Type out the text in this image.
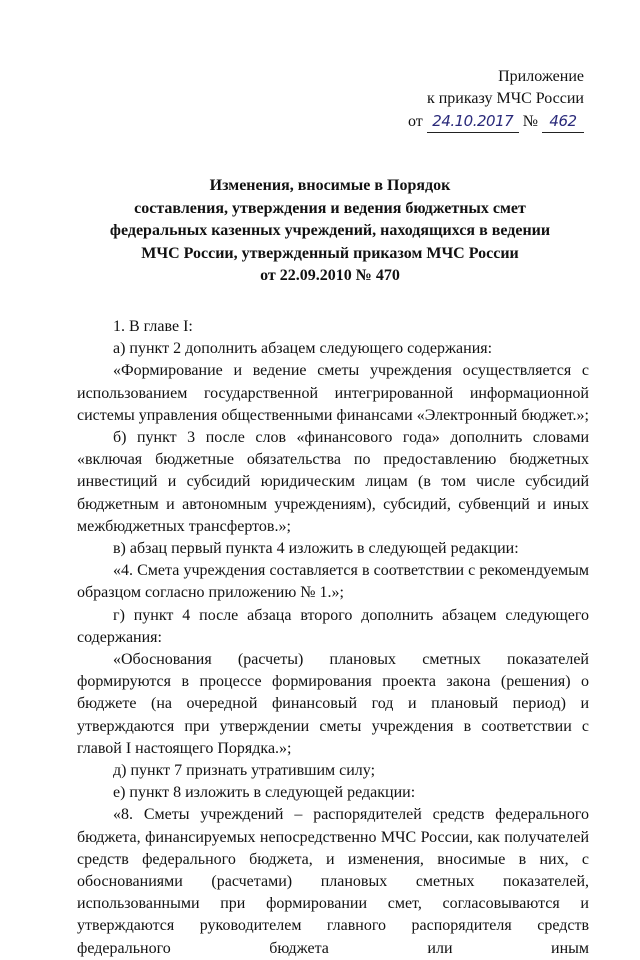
Приложение
к приказу МЧС России
от 24.10.2017 № 462
Изменения, вносимые в Порядок
составления, утверждения и ведения бюджетных смет
федеральных казенных учреждений, находящихся в ведении
МЧС России, утвержденный приказом МЧС России
от 22.09.2010 № 470

1. В главе I:

а) пункт 2 дополнить абзацем следующего содержания:

«Формирование и ведение сметы учреждения осуществляется с использованием государственной интегрированной информационной системы управления общественными финансами «Электронный бюджет.»;

б) пункт 3 после слов «финансового года» дополнить словами «включая бюджетные обязательства по предоставлению бюджетных инвестиций и субсидий юридическим лицам (в том числе субсидий бюджетным и автономным учреждениям), субсидий, субвенций и иных межбюджетных трансфертов.»;

в) абзац первый пункта 4 изложить в следующей редакции:

«4. Смета учреждения составляется в соответствии с рекомендуемым образцом согласно приложению № 1.»;

г) пункт 4 после абзаца второго дополнить абзацем следующего содержания:

«Обоснования (расчеты) плановых сметных показателей формируются в процессе формирования проекта закона (решения) о бюджете (на очередной финансовый год и плановый период) и утверждаются при утверждении сметы учреждения в соответствии с главой I настоящего Порядка.»;

д) пункт 7 признать утратившим силу;

е) пункт 8 изложить в следующей редакции:

«8. Сметы учреждений – распорядителей средств федерального бюджета, финансируемых непосредственно МЧС России, как получателей средств федерального бюджета, и изменения, вносимые в них, с обоснованиями (расчетами) плановых сметных показателей, использованными при формировании смет, согласовываются и утверждаются руководителем главного распорядителя средств федерального бюджета или иным
